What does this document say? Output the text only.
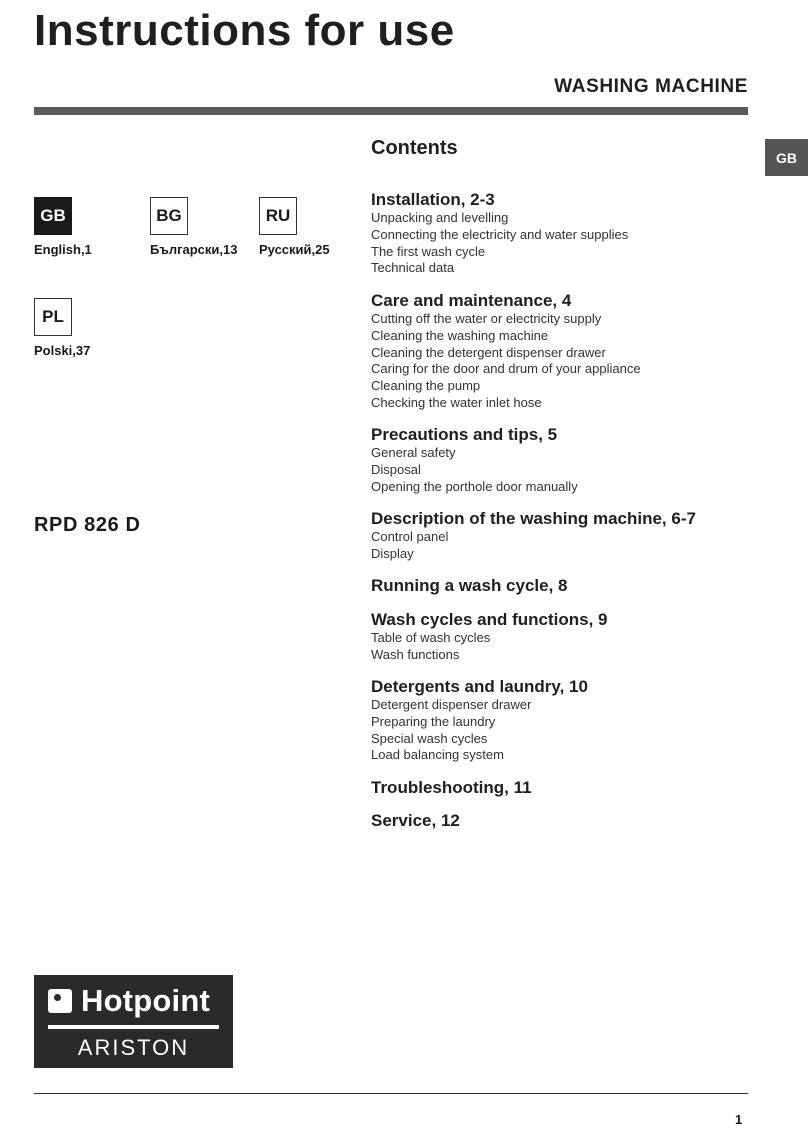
Instructions for use
WASHING MACHINE
GB
GB
English,1
BG
Български,13
RU
Русский,25
PL
Polski,37
RPD 826 D
Contents
Installation, 2-3
Unpacking and levelling
Connecting the electricity and water supplies
The first wash cycle
Technical data
Care and maintenance, 4
Cutting off the water or electricity supply
Cleaning the washing machine
Cleaning the detergent dispenser drawer
Caring for the door and drum of your appliance
Cleaning the pump
Checking the water inlet hose
Precautions and tips, 5
General safety
Disposal
Opening the porthole door manually
Description of the washing machine, 6-7
Control panel
Display
Running a wash cycle, 8
Wash cycles and functions, 9
Table of wash cycles
Wash functions
Detergents and laundry, 10
Detergent dispenser drawer
Preparing the laundry
Special wash cycles
Load balancing system
Troubleshooting, 11
Service, 12
Hotpoint
ARISTON
1
